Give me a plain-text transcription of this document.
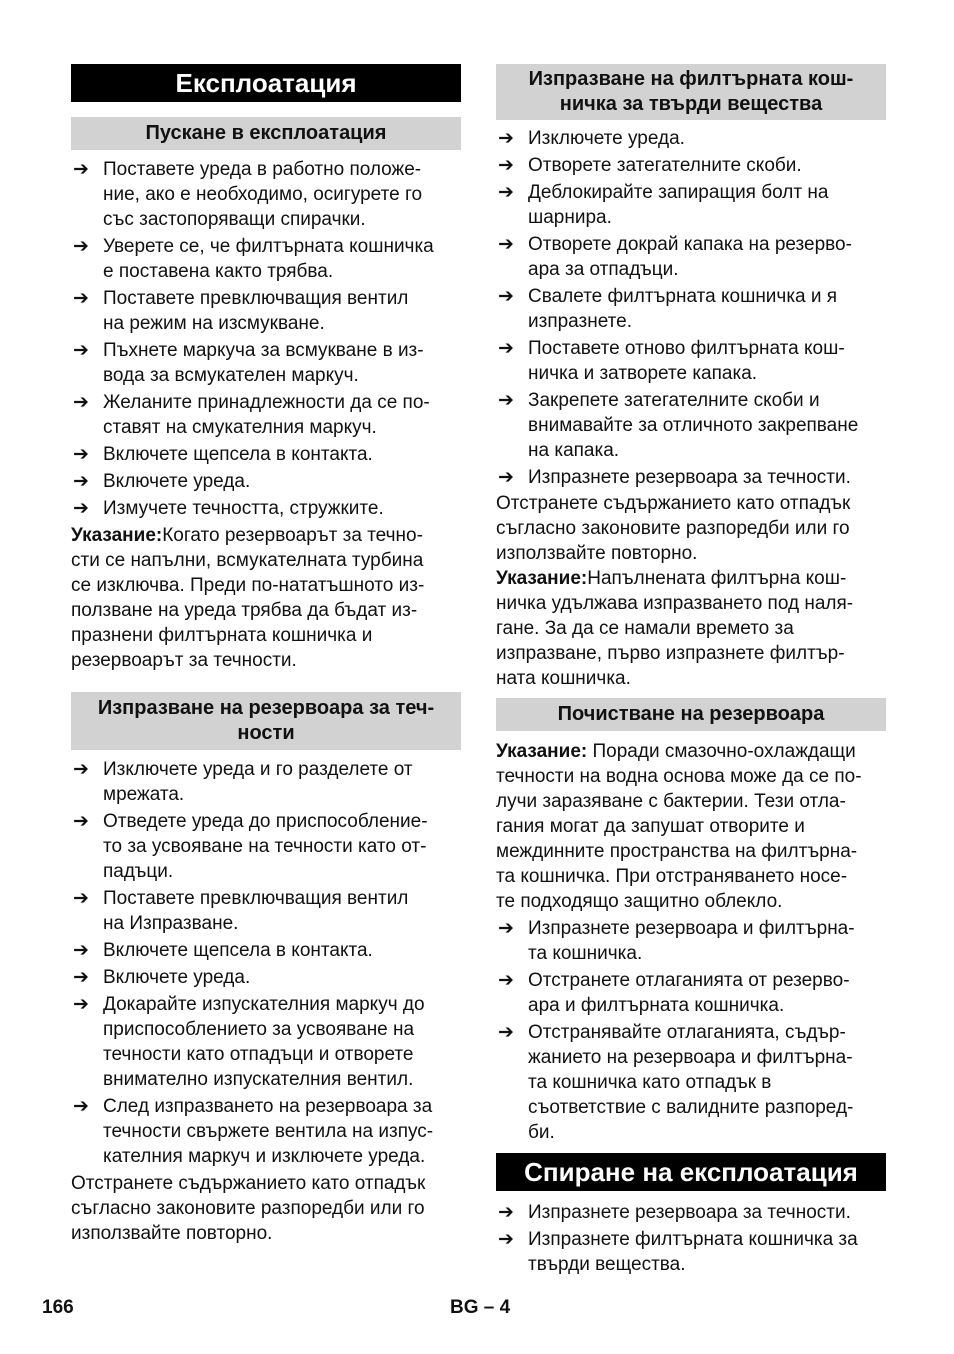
Експлоатация
Пускане в експлоатация
➔ Поставете уреда в работно положе-
ние, ако е необходимо, осигурете го
със застопоряващи спирачки.
➔ Уверете се, че филтърната кошничка
е поставена както трябва.
➔ Поставете превключващия вентил
на режим на изсмукване.
➔ Пъхнете маркуча за всмукване в из-
вода за всмукателен маркуч.
➔ Желаните принадлежности да се по-
ставят на смукателния маркуч.
➔ Включете щепсела в контакта.
➔ Включете уреда.
➔ Измучете течността, стружките.

Указание:Когато резервоарът за течно-
сти се напълни, всмукателната турбина
се изключва. Преди по-нататъшното из-
ползване на уреда трябва да бъдат из-
празнени филтърната кошничка и
резервоарът за течности.

Изпразване на резервоара за теч-
ности
➔ Изключете уреда и го разделете от
мрежата.
➔ Отведете уреда до приспособление-
то за усвояване на течности като от-
падъци.
➔ Поставете превключващия вентил
на Изпразване.
➔ Включете щепсела в контакта.
➔ Включете уреда.
➔ Докарайте изпускателния маркуч до
приспособлението за усвояване на
течности като отпадъци и отворете
внимателно изпускателния вентил.
➔ След изпразването на резервоара за
течности свържете вентила на изпус-
кателния маркуч и изключете уреда.

Отстранете съдържанието като отпадък
съгласно законовите разпоредби или го
използвайте повторно.

Изпразване на филтърната кош-
ничка за твърди вещества
➔ Изключете уреда.
➔ Отворете затегателните скоби.
➔ Деблокирайте запиращия болт на
шарнира.
➔ Отворете докрай капака на резерво-
ара за отпадъци.
➔ Свалете филтърната кошничка и я
изпразнете.
➔ Поставете отново филтърната кош-
ничка и затворете капака.
➔ Закрепете затегателните скоби и
внимавайте за отличното закрепване
на капака.
➔ Изпразнете резервоара за течности.

Отстранете съдържанието като отпадък
съгласно законовите разпоредби или го
използвайте повторно.

Указание:Напълнената филтърна кош-
ничка удължава изпразването под наля-
гане. За да се намали времето за
изпразване, първо изпразнете филтър-
ната кошничка.

Почистване на резервоара

Указание: Поради смазочно-охлаждащи
течности на водна основа може да се по-
лучи заразяване с бактерии. Тези отла-
гания могат да запушат отворите и
междинните пространства на филтърна-
та кошничка. При отстраняването носе-
те подходящо защитно облекло.

➔ Изпразнете резервоара и филтърна-
та кошничка.
➔ Отстранете отлаганията от резерво-
ара и филтърната кошничка.
➔ Отстранявайте отлаганията, съдър-
жанието на резервоара и филтърна-
та кошничка като отпадък в
съответствие с валидните разпоред-
би.
Спиране на експлоатация
➔ Изпразнете резервоара за течности.
➔ Изпразнете филтърната кошничка за
твърди вещества.
166	BG – 4
